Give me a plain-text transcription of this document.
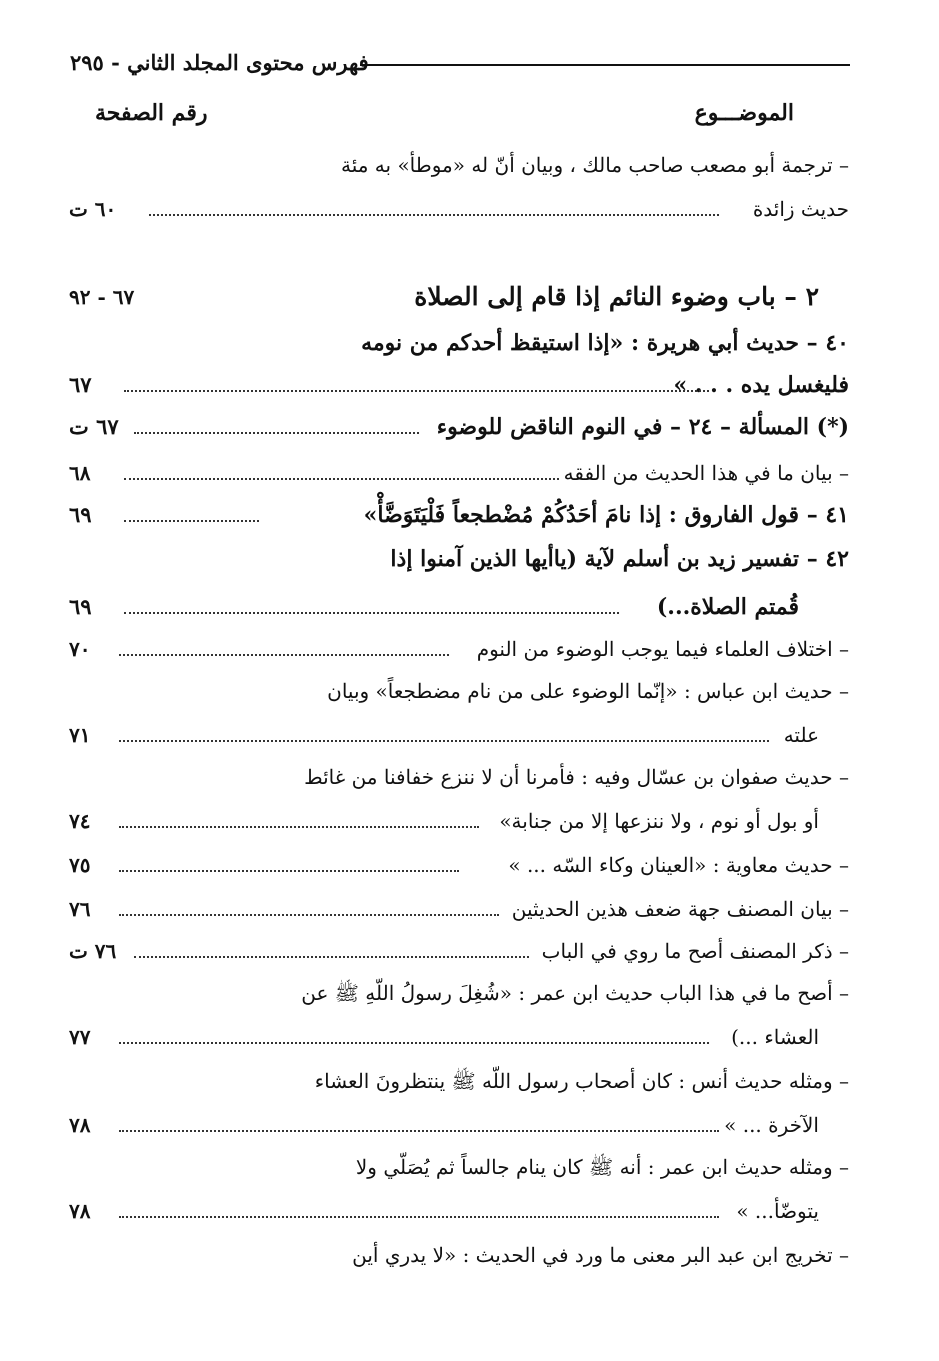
فهرس محتوى المجلد الثاني - ٢٩٥
الموضـــوع
رقم الصفحة
– ترجمة أبو مصعب صاحب مالك ، وبيان أنّ له «موطأ» به مئة
حديث زائدة
٦٠ ت
٢ – باب وضوء النائم إذا قام إلى الصلاة
٦٧ - ٩٢
٤٠ – حديث أبي هريرة : «إذا استيقظ أحدكم من نومه
فليغسل يده . . . »
٦٧
(*) المسألة – ٢٤ – في النوم الناقض للوضوء
٦٧ ت
– بيان ما في هذا الحديث من الفقه
٦٨
٤١ – قول الفاروق : إذا نامَ أحَدُكُمْ مُضْطجعاً فَلْيَتَوَضَّأْ»
٦٩
٤٢ – تفسير زيد بن أسلم لآية (ياأيها الذين آمنوا إذا
قُمتم الصلاة...)
٦٩
– اختلاف العلماء فيما يوجب الوضوء من النوم
٧٠
– حديث ابن عباس : «إنّما الوضوء على من نام مضطجعاً» وبيان
علته
٧١
– حديث صفوان بن عسّال وفيه : فأمرنا أن لا ننزع خفافنا من غائط
أو بول أو نوم ، ولا ننزعها إلا من جنابة»
٧٤
– حديث معاوية : «العينان وكاء السّه ... »
٧٥
– بيان المصنف جهة ضعف هذين الحديثين
٧٦
– ذكر المصنف أصح ما روي في الباب
٧٦ ت
– أصح ما في هذا الباب حديث ابن عمر : «شُغِلَ رسولُ اللّهِ ﷺ عن
العشاء ...)
٧٧
– ومثله حديث أنس : كان أصحاب رسول اللّه ﷺ ينتظرونَ العشاء
الآخرة ... »
٧٨
– ومثله حديث ابن عمر : أنه ﷺ كان ينام جالساً ثم يُصَلّي ولا
يتوضّأ... »
٧٨
– تخريج ابن عبد البر معنى ما ورد في الحديث : «لا يدري أين
